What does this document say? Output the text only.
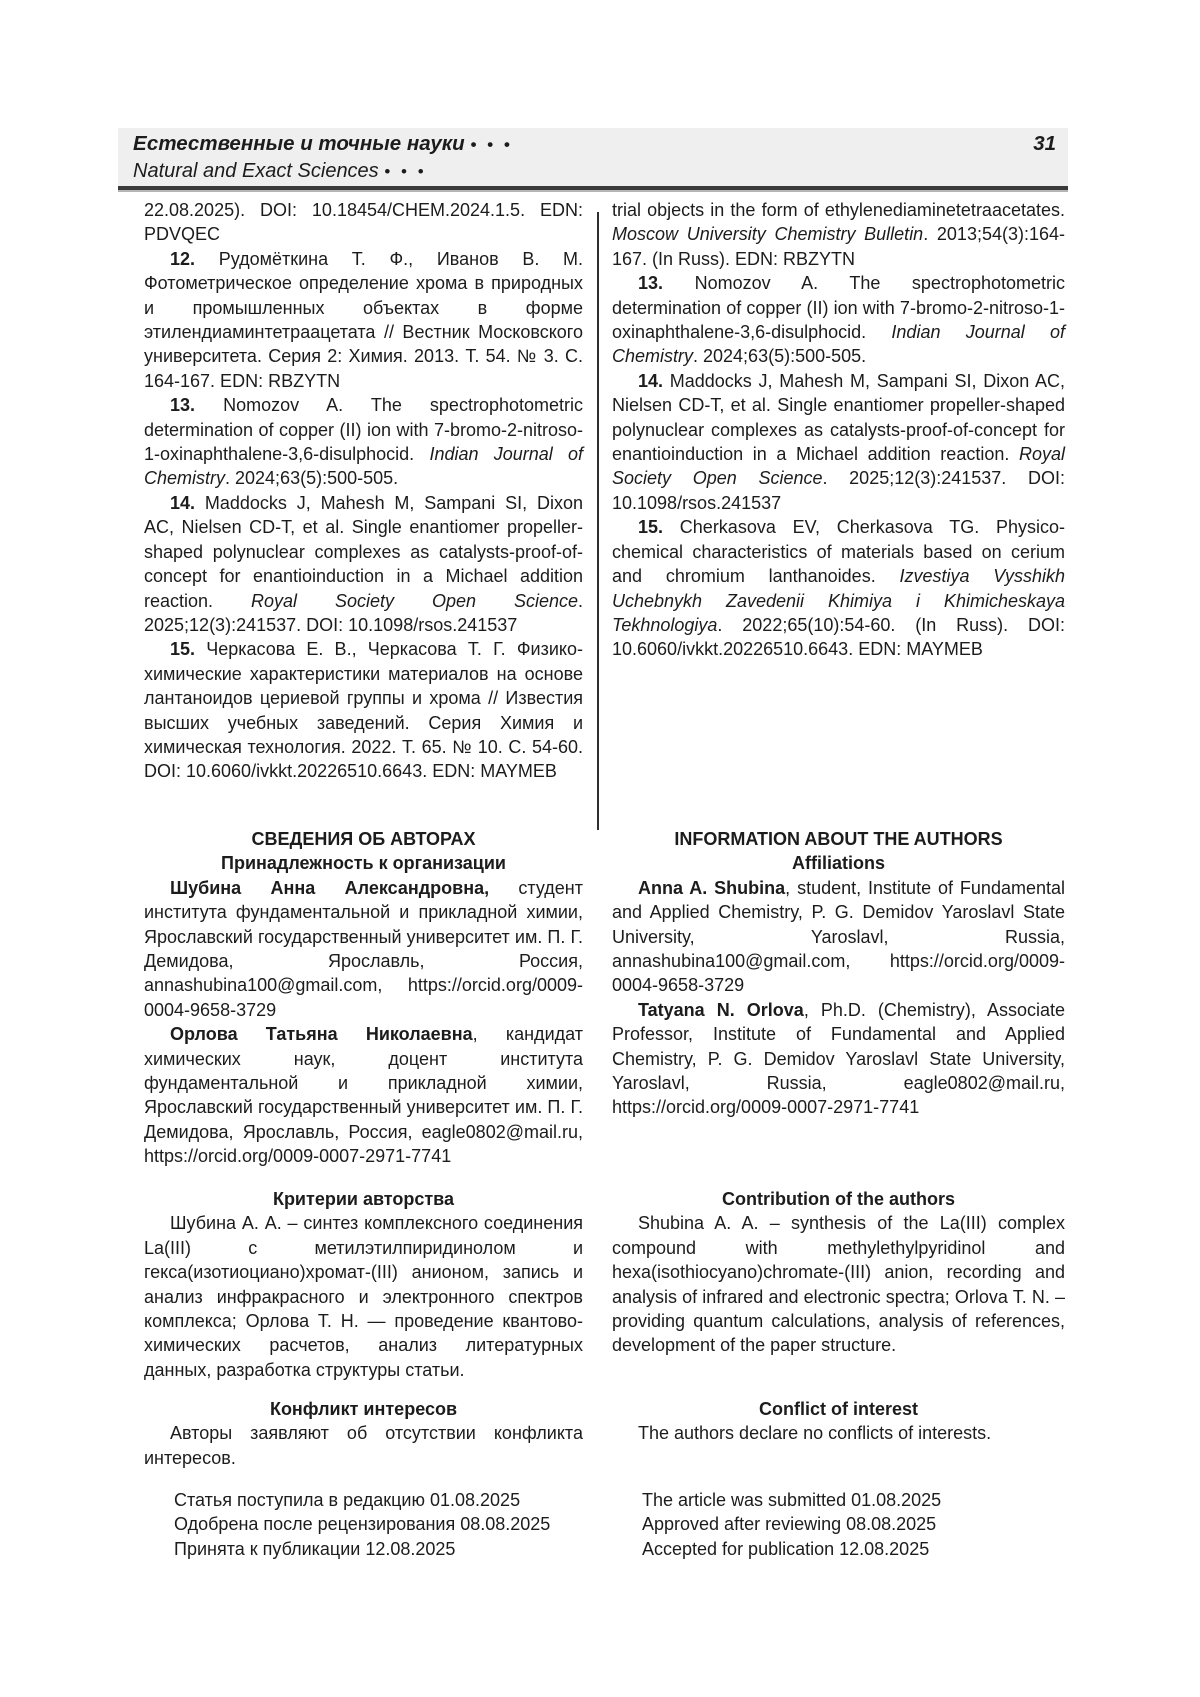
Естественные и точные науки • • •	31
Natural and Exact Sciences • • •

22.08.2025). DOI: 10.18454/CHEM.2024.1.5. EDN: PDVQEC

12. Рудомёткина Т. Ф., Иванов В. М. Фотометрическое определение хрома в природных и промышленных объектах в форме этилендиаминтетраацетата // Вестник Московского университета. Серия 2: Химия. 2013. Т. 54. № 3. С. 164-167. EDN: RBZYTN

13. Nomozov A. The spectrophotometric determination of copper (II) ion with 7-bromo-2-nitroso-1-oxinaphthalene-3,6-disulphocid. Indian Journal of Chemistry. 2024;63(5):500-505.

14. Maddocks J, Mahesh M, Sampani SI, Dixon AC, Nielsen CD-T, et al. Single enantiomer propeller-shaped polynuclear complexes as catalysts-proof-of-concept for enantioinduction in a Michael addition reaction. Royal Society Open Science. 2025;12(3):241537. DOI: 10.1098/rsos.241537

15. Черкасова Е. В., Черкасова Т. Г. Физико-химические характеристики материалов на основе лантаноидов цериевой группы и хрома // Известия высших учебных заведений. Серия Химия и химическая технология. 2022. Т. 65. № 10. С. 54-60. DOI: 10.6060/ivkkt.20226510.6643. EDN: MAYMEB

trial objects in the form of ethylenediaminetetraacetates. Moscow University Chemistry Bulletin. 2013;54(3):164-167. (In Russ). EDN: RBZYTN

13. Nomozov A. The spectrophotometric determination of copper (II) ion with 7-bromo-2-nitroso-1-oxinaphthalene-3,6-disulphocid. Indian Journal of Chemistry. 2024;63(5):500-505.

14. Maddocks J, Mahesh M, Sampani SI, Dixon AC, Nielsen CD-T, et al. Single enantiomer propeller-shaped polynuclear complexes as catalysts-proof-of-concept for enantioinduction in a Michael addition reaction. Royal Society Open Science. 2025;12(3):241537. DOI: 10.1098/rsos.241537

15. Cherkasova EV, Cherkasova TG. Physico-chemical characteristics of materials based on cerium and chromium lanthanoides. Izvestiya Vysshikh Uchebnykh Zavedenii Khimiya i Khimicheskaya Tekhnologiya. 2022;65(10):54-60. (In Russ). DOI: 10.6060/ivkkt.20226510.6643. EDN: MAYMEB

СВЕДЕНИЯ ОБ АВТОРАХ

Принадлежность к организации

Шубина Анна Александровна, студент института фундаментальной и прикладной химии, Ярославский государственный университет им. П. Г. Демидова, Ярославль, Россия, annashubina100@gmail.com, https://orcid.org/0009-0004-9658-3729

Орлова Татьяна Николаевна, кандидат химических наук, доцент института фундаментальной и прикладной химии, Ярославский государственный университет им. П. Г. Демидова, Ярославль, Россия, eagle0802@mail.ru, https://orcid.org/0009-0007-2971-7741

INFORMATION ABOUT THE AUTHORS

Affiliations

Anna A. Shubina, student, Institute of Fundamental and Applied Chemistry, P. G. Demidov Yaroslavl State University, Yaroslavl, Russia, annashubina100@gmail.com, https://orcid.org/0009-0004-9658-3729

Tatyana N. Orlova, Ph.D. (Chemistry), Associate Professor, Institute of Fundamental and Applied Chemistry, P. G. Demidov Yaroslavl State University, Yaroslavl, Russia, eagle0802@mail.ru, https://orcid.org/0009-0007-2971-7741

Критерии авторства

Шубина А. А. – синтез комплексного соединения La(III) с метилэтилпиридинолом и гекса(изотиоциано)хромат-(III) анионом, запись и анализ инфракрасного и электронного спектров комплекса; Орлова Т. Н. — проведение квантово-химических расчетов, анализ литературных данных, разработка структуры статьи.

Contribution of the authors

Shubina A. A. – synthesis of the La(III) complex compound with methylethylpyridinol and hexa(isothiocyano)chromate-(III) anion, recording and analysis of infrared and electronic spectra; Orlova T. N. – providing quantum calculations, analysis of references, development of the paper structure.

Конфликт интересов

Авторы заявляют об отсутствии конфликта интересов.

Conflict of interest

The authors declare no conflicts of interests.

Статья поступила в редакцию 01.08.2025

Одобрена после рецензирования 08.08.2025

Принята к публикации 12.08.2025

The article was submitted 01.08.2025

Approved after reviewing 08.08.2025

Accepted for publication 12.08.2025
